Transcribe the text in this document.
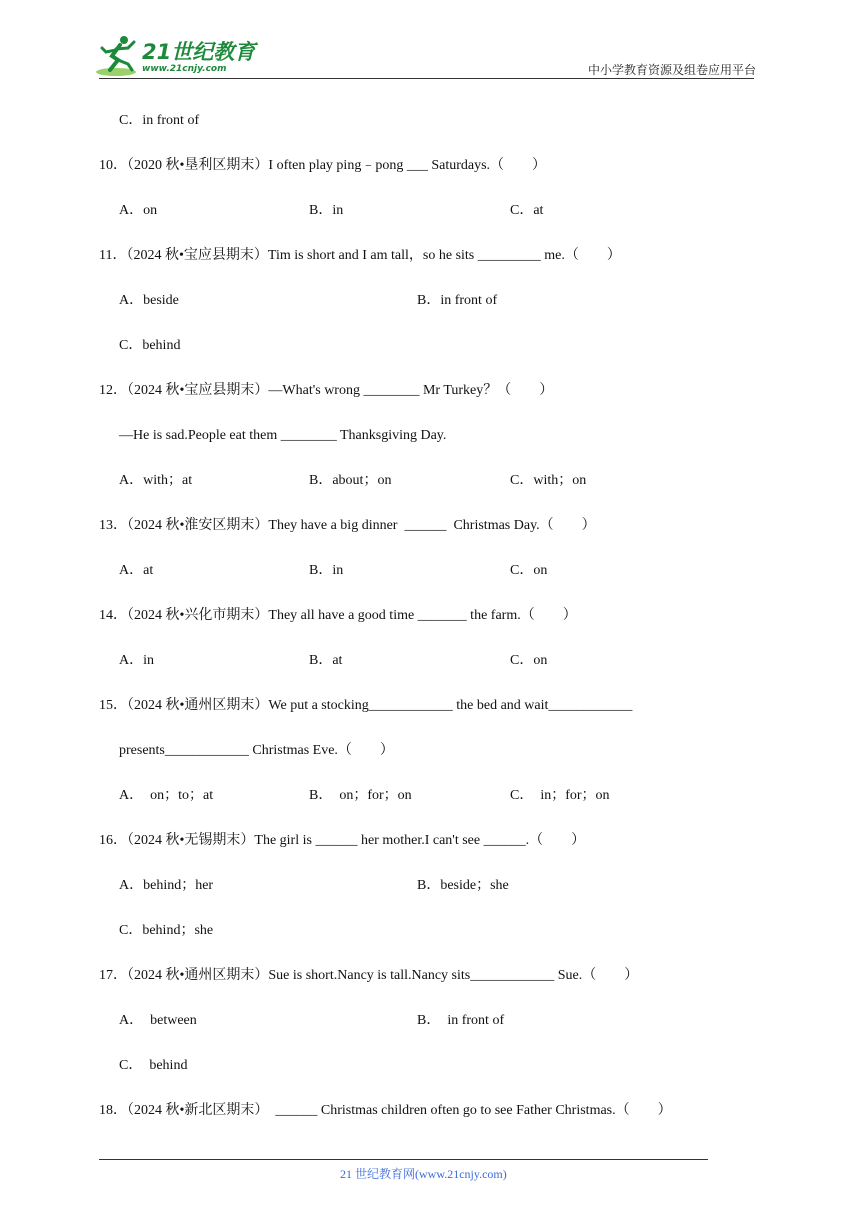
21世纪教育
www.21cnjy.com	中小学教育资源及组卷应用平台
C．in front of
10．（2020 秋•垦利区期末）I often play ping﹣pong ___ Saturdays.（　　）
11．（2024 秋•宝应县期末）Tim is short and I am tall，so he sits _________ me.（　　）
C．behind
12．（2024 秋•宝应县期末）—What's wrong ________ Mr Turkey？（　　）
—He is sad.People eat them ________ Thanksgiving Day.
13．（2024 秋•淮安区期末）They have a big dinner  ______  Christmas Day.（　　）
14．（2024 秋•兴化市期末）They all have a good time _______ the farm.（　　）
15．（2024 秋•通州区期末）We put a stocking____________ the bed and wait____________
presents____________ Christmas Eve.（　　）
16．（2024 秋•无锡期末）The girl is ______ her mother.I can't see ______.（　　）
C．behind；she
17．（2024 秋•通州区期末）Sue is short.Nancy is tall.Nancy sits____________ Sue.（　　）
C．  behind
18．（2024 秋•新北区期末）  ______ Christmas children often go to see Father Christmas.（　　）
A．on	B．in	C．at
A．beside	B．in front of
A．with；at	B．about；on	C．with；on
A．at	B．in	C．on
A．in	B．at	C．on
A．  on；to；at	B．  on；for；on	C．  in；for；on
A．behind；her	B．beside；she
A．  between	B．  in front of
21 世纪教育网(www.21cnjy.com)
